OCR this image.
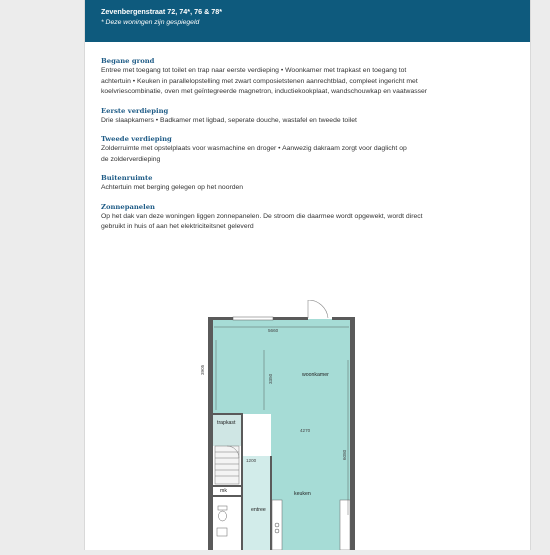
Zevenbergenstraat 72, 74*, 76 & 78*
* Deze woningen zijn gespiegeld
Begane grond
Entree met toegang tot toilet en trap naar eerste verdieping • Woonkamer met trapkast en toegang tot
achtertuin • Keuken in parallelopstelling met zwart composietstenen aanrechtblad, compleet ingericht met
koelvriescombinatie, oven met geïntegreerde magnetron, inductiekookplaat, wandschouwkap en vaatwasser
Eerste verdieping
Drie slaapkamers • Badkamer met ligbad, seperate douche, wastafel en tweede toilet
Tweede verdieping
Zolderruimte met opstelplaats voor wasmachine en droger • Aanwezig dakraam zorgt voor daglicht op
de zolderverdieping
Buitenruimte
Achtertuin met berging gelegen op het noorden
Zonnepanelen
Op het dak van deze woningen liggen zonnepanelen. De stroom die daarmee wordt opgewekt, wordt direct
gebruikt in huis of aan het elektriciteitsnet geleverd
woonkamer
keuken
entree
trapkast
mk
5660
3350
3905
4270
6080
1200
